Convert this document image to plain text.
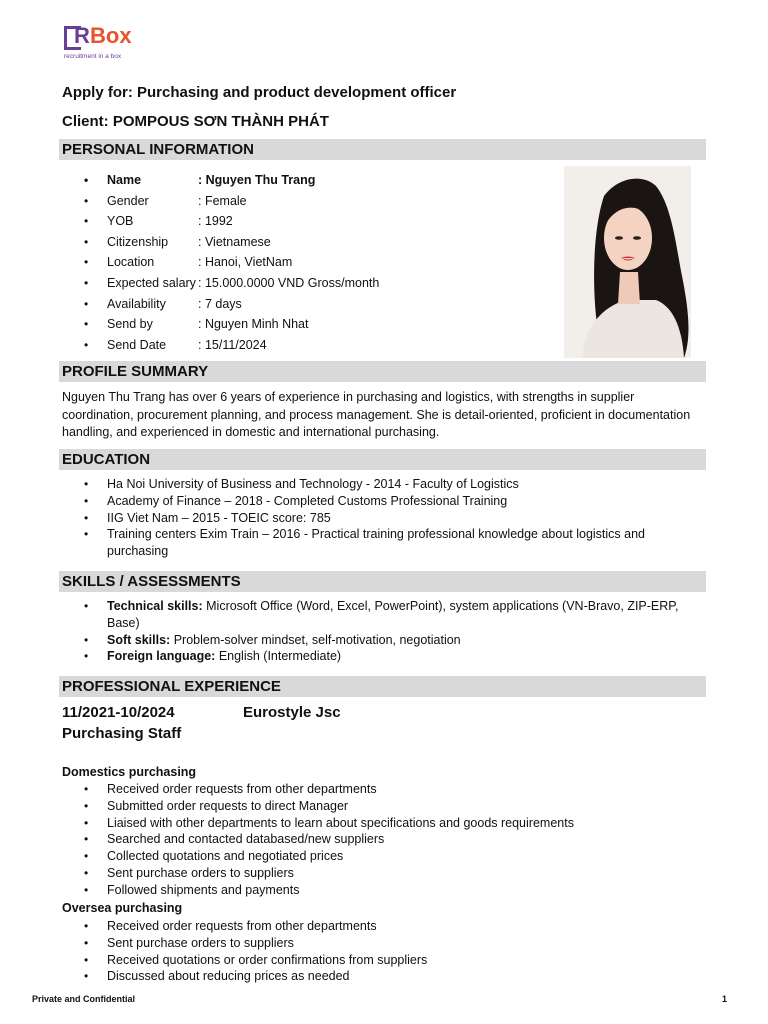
R Box
recruitment in a box
Apply for: Purchasing and product development officer
Client: POMPOUS SƠN THÀNH PHÁT
PERSONAL INFORMATION
• Name	: Nguyen Thu Trang
• Gender	: Female
• YOB	: 1992
• Citizenship : Vietnamese
• Location	: Hanoi, VietNam
• Expected salary : 15.000.0000 VND Gross/month
• Availability	: 7 days
• Send by	: Nguyen Minh Nhat
• Send Date	: 15/11/2024
PROFILE SUMMARY
Nguyen Thu Trang has over 6 years of experience in purchasing and logistics, with strengths in supplier coordination, procurement planning, and process management. She is detail-oriented, proficient in documentation handling, and experienced in domestic and international purchasing.
EDUCATION
• Ha Noi University of Business and Technology - 2014 - Faculty of Logistics
• Academy of Finance – 2018 - Completed Customs Professional Training
• IIG Viet Nam – 2015 - TOEIC score: 785
• Training centers Exim Train – 2016 - Practical training professional knowledge about logistics and purchasing
SKILLS / ASSESSMENTS
• Technical skills: Microsoft Office (Word, Excel, PowerPoint), system applications (VN-Bravo, ZIP-ERP, Base)
• Soft skills: Problem-solver mindset, self-motivation, negotiation
• Foreign language: English (Intermediate)
PROFESSIONAL EXPERIENCE
11/2021-10/2024	Eurostyle Jsc
Purchasing Staff
Domestics purchasing
• Received order requests from other departments
• Submitted order requests to direct Manager
• Liaised with other departments to learn about specifications and goods requirements
• Searched and contacted databased/new suppliers
• Collected quotations and negotiated prices
• Sent purchase orders to suppliers
• Followed shipments and payments
Oversea purchasing
• Received order requests from other departments
• Sent purchase orders to suppliers
• Received quotations or order confirmations from suppliers
• Discussed about reducing prices as needed
Private and Confidential	1
